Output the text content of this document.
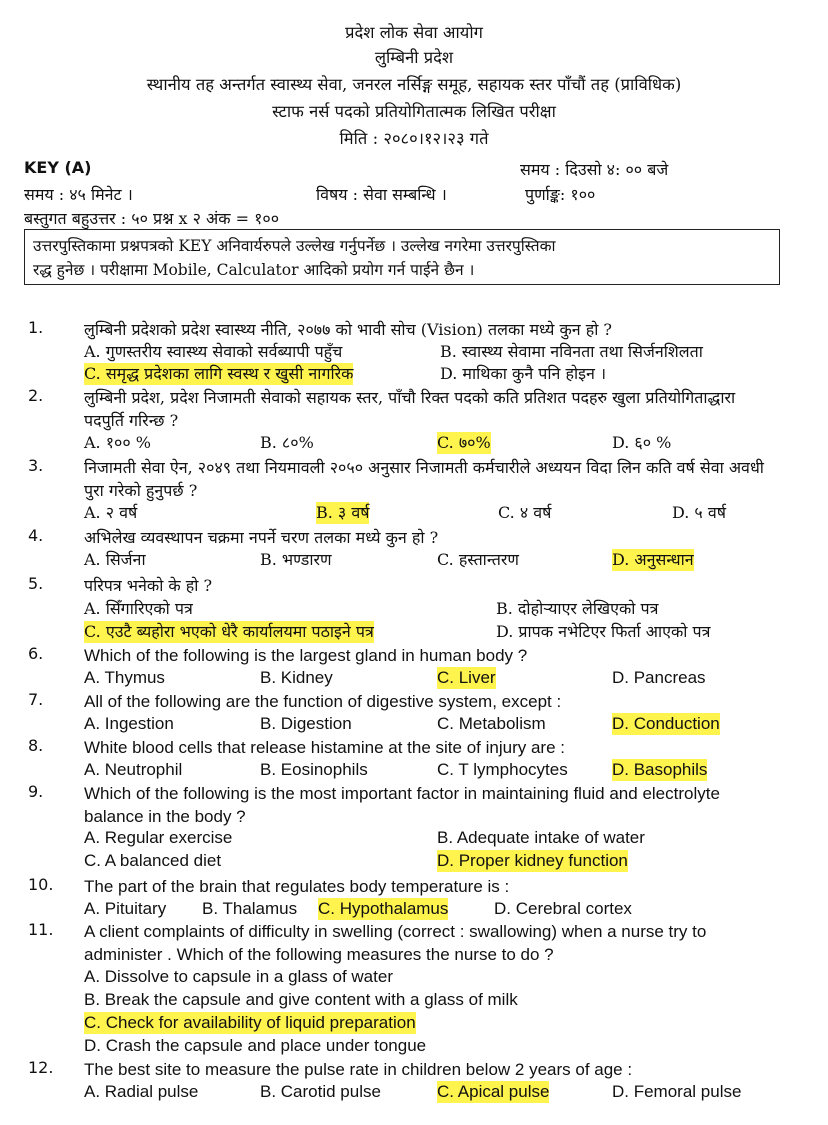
प्रदेश लोक सेवा आयोग
लुम्बिनी प्रदेश
स्थानीय तह अन्तर्गत स्वास्थ्य सेवा, जनरल नर्सिङ्ग समूह, सहायक स्तर पाँचौं तह (प्राविधिक)
स्टाफ नर्स पदको प्रतियोगितात्मक लिखित परीक्षा
मिति : २०८०।१२।२३ गते
KEY (A)	समय : दिउसो ४: ०० बजे
समय : ४५ मिनेट ।	विषय : सेवा सम्बन्धि ।	पुर्णाङ्क: १००
बस्तुगत बहुउत्तर : ५० प्रश्न x २ अंक = १००
उत्तरपुस्तिकामा प्रश्नपत्रको KEY अनिवार्यरुपले उल्लेख गर्नुपर्नेछ । उल्लेख नगरेमा उत्तरपुस्तिका
रद्ध हुनेछ । परीक्षामा Mobile, Calculator आदिको प्रयोग गर्न पाईने छैन ।
1.	लुम्बिनी प्रदेशको प्रदेश स्वास्थ्य नीति, २०७७ को भावी सोच (Vision) तलका मध्ये कुन हो ?
A. गुणस्तरीय स्वास्थ्य सेवाको सर्वब्यापी पहुँच	B. स्वास्थ्य सेवामा नविनता तथा सिर्जनशिलता
C. समृद्ध प्रदेशका लागि स्वस्थ र खुसी नागरिक	D. माथिका कुनै पनि होइन ।
2.	लुम्बिनी प्रदेश, प्रदेश निजामती सेवाको सहायक स्तर, पाँचौ रिक्त पदको कति प्रतिशत पदहरु खुला प्रतियोगिताद्धारा पदपुर्ति गरिन्छ ?
A. १०० %	B. ८०%	C. ७०%	D. ६० %
3.	निजामती सेवा ऐन, २०४९ तथा नियमावली २०५० अनुसार निजामती कर्मचारीले अध्ययन विदा लिन कति वर्ष सेवा अवधी पुरा गरेको हुनुपर्छ ?
A. २ वर्ष	B. ३ वर्ष	C. ४ वर्ष	D. ५ वर्ष
4.	अभिलेख व्यवस्थापन चक्रमा नपर्ने चरण तलका मध्ये कुन हो ?
A. सिर्जना	B. भण्डारण	C. हस्तान्तरण	D. अनुसन्धान
5.	परिपत्र भनेको के हो ?
A. सिँगारिएको पत्र	B. दोहोऱ्याएर लेखिएको पत्र
C. एउटै ब्यहोरा भएको धेरै कार्यालयमा पठाइने पत्र	D. प्रापक नभेटिएर फिर्ता आएको पत्र
6. Which of the following is the largest gland in human body ?
A. Thymus	B. Kidney	C. Liver	D. Pancreas
7. All of the following are the function of digestive system, except :
A. Ingestion	B. Digestion	C. Metabolism	D. Conduction
8. White blood cells that release histamine at the site of injury are :
A. Neutrophil	B. Eosinophils	C. T lymphocytes	D. Basophils
9. Which of the following is the most important factor in maintaining fluid and electrolyte balance in the body ?
A. Regular exercise	B. Adequate intake of water
C. A balanced diet	D. Proper kidney function
10. The part of the brain that regulates body temperature is :
A. Pituitary B. Thalamus C. Hypothalamus	D. Cerebral cortex
11. A client complaints of difficulty in swelling (correct : swallowing) when a nurse try to administer . Which of the following measures the nurse to do ?
A. Dissolve to capsule in a glass of water
B. Break the capsule and give content with a glass of milk
C. Check for availability of liquid preparation
D. Crash the capsule and place under tongue
12. The best site to measure the pulse rate in children below 2 years of age :
A. Radial pulse	B. Carotid pulse	C. Apical pulse	D. Femoral pulse
